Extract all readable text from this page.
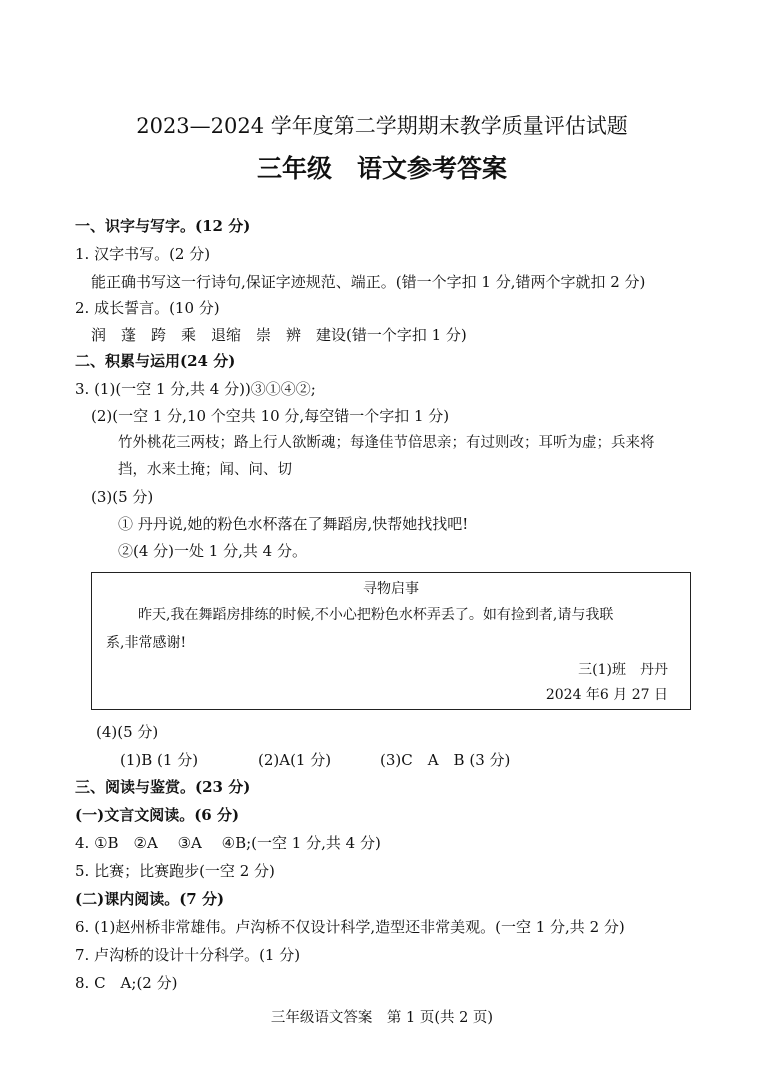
2023—2024 学年度第二学期期末教学质量评估试题
三年级　语文参考答案
一、识字与写字。(12 分)
1. 汉字书写。(2 分)
能正确书写这一行诗句,保证字迹规范、端正。(错一个字扣 1 分,错两个字就扣 2 分)
2. 成长誓言。(10 分)
润　蓬　跨　乘　退缩　崇　辨　建设(错一个字扣 1 分)
二、积累与运用(24 分)
3. (1)(一空 1 分,共 4 分))③①④②;
(2)(一空 1 分,10 个空共 10 分,每空错一个字扣 1 分)
竹外桃花三两枝；路上行人欲断魂；每逢佳节倍思亲；有过则改；耳听为虚；兵来将
挡，水来土掩；闻、问、切
(3)(5 分)
① 丹丹说,她的粉色水杯落在了舞蹈房,快帮她找找吧!
②(4 分)一处 1 分,共 4 分。
寻物启事
昨天,我在舞蹈房排练的时候,不小心把粉色水杯弄丢了。如有捡到者,请与我联
系,非常感谢!
三(1)班　丹丹
2024 年6 月 27 日
(4)(5 分)
(1)B (1 分)	(2)A(1 分)	(3)C　A　B (3 分)
三、阅读与鉴赏。(23 分)
(一)文言文阅读。(6 分)
4. ①B　②A　 ③A　 ④B;(一空 1 分,共 4 分)
5. 比赛；比赛跑步(一空 2 分)
(二)课内阅读。(7 分)
6. (1)赵州桥非常雄伟。卢沟桥不仅设计科学,造型还非常美观。(一空 1 分,共 2 分)
7. 卢沟桥的设计十分科学。(1 分)
8. C　A;(2 分)
三年级语文答案　第 1 页(共 2 页)
